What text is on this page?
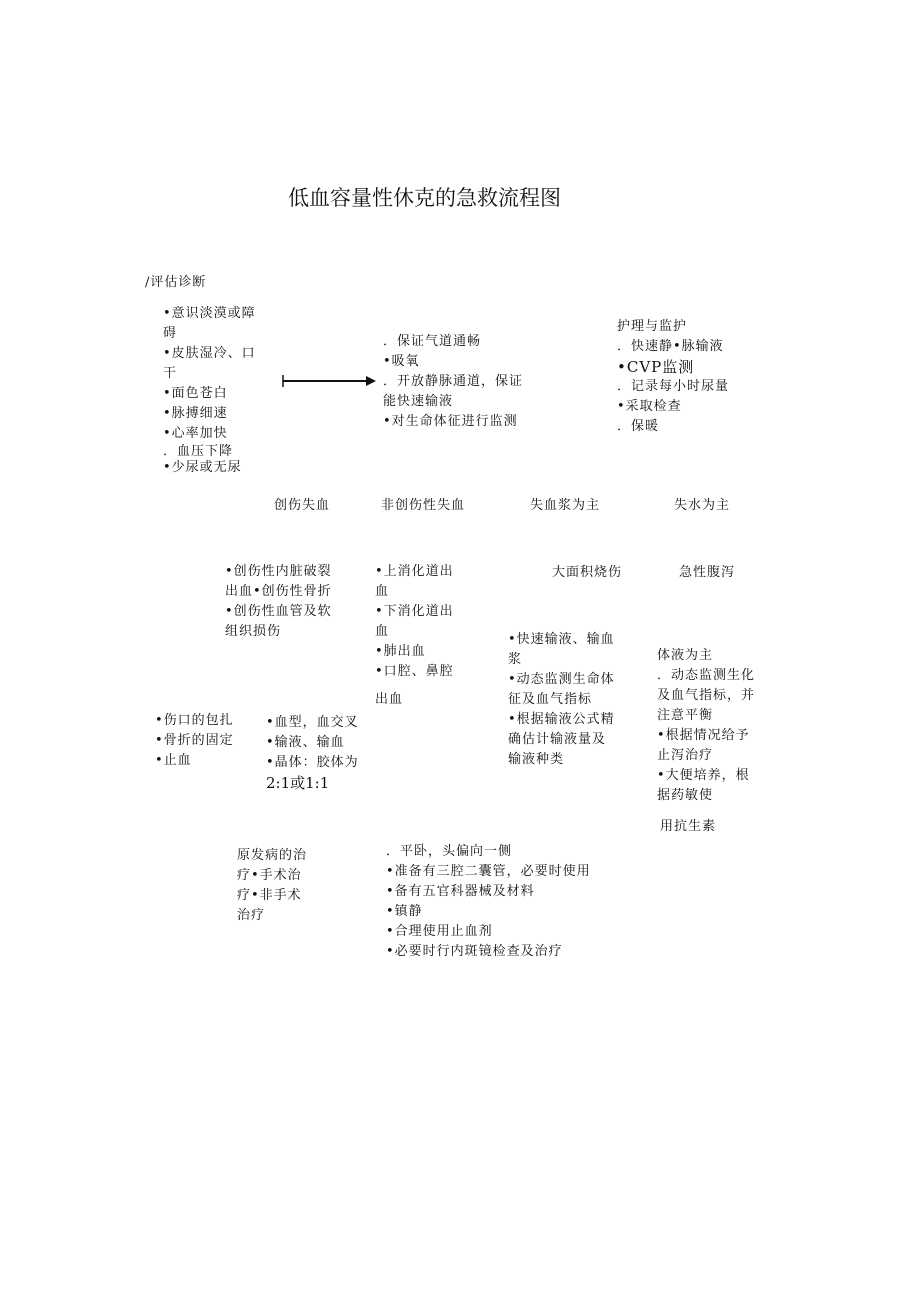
低血容量性休克的急救流程图
/评估诊断
•意识淡漠或障
碍
•皮肤湿冷、口
干
•面色苍白
•脉搏细速
•心率加快
．血压下降
•少尿或无尿
．保证气道通畅
•吸氧
．开放静脉通道，保证
能快速输液
•对生命体征进行监测
护理与监护
．快速静•脉输液
•CVP监测
．记录每小时尿量
•采取检查
．保暖
创伤失血	非创伤性失血	失血浆为主	失水为主
•创伤性内脏破裂
出血•创伤性骨折
•创伤性血管及软
组织损伤
•上消化道出
血
•下消化道出
血
•肺出血
•口腔、鼻腔
出血
大面积烧伤
•快速输液、输血
浆
•动态监测生命体
征及血气指标
•根据输液公式精
确估计输液量及
输液种类
急性腹泻
体液为主
．动态监测生化
及血气指标，并
注意平衡
•根据情况给予
止泻治疗
•大便培养，根
据药敏使
用抗生素
•伤口的包扎
•骨折的固定
•止血
•血型，血交叉
•输液、输血
•晶体：胶体为
2:1或1:1
原发病的治
疗•手术治
疗•非手术
治疗
．平卧，头偏向一侧
•准备有三腔二囊管，必要时使用
•备有五官科器械及材料
•镇静
•合理使用止血剂
•必要时行内斑镜检查及治疗
